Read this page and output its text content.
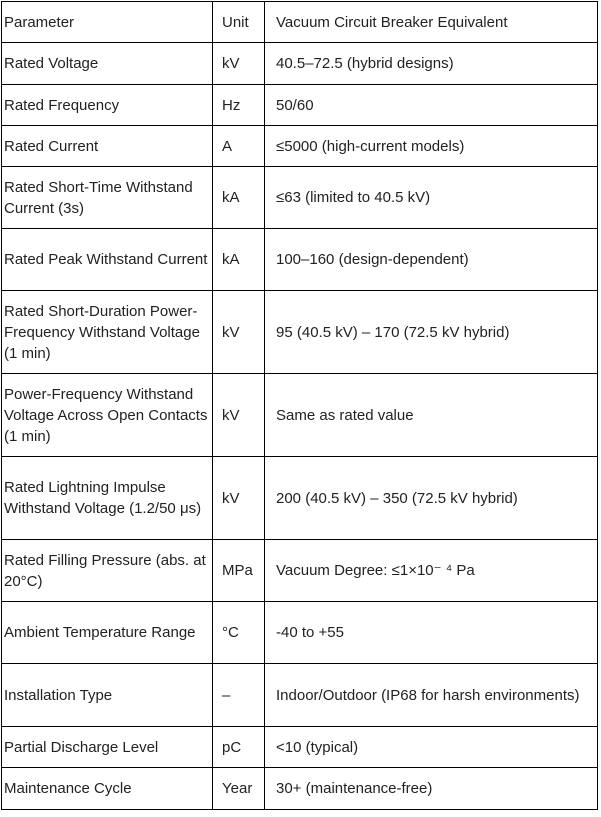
Parameter	Unit	Vacuum Circuit Breaker Equivalent
Rated Voltage	kV	40.5–72.5 (hybrid designs)
Rated Frequency	Hz	50/60
Rated Current	A	≤5000 (high-current models)
Rated Short-Time Withstand Current (3s)	kA	≤63 (limited to 40.5 kV)
Rated Peak Withstand Current	kA	100–160 (design-dependent)
Rated Short-Duration Power-Frequency Withstand Voltage (1 min)	kV	95 (40.5 kV) – 170 (72.5 kV hybrid)
Power-Frequency Withstand Voltage Across Open Contacts (1 min)	kV	Same as rated value
Rated Lightning Impulse Withstand Voltage (1.2/50 μs)	kV	200 (40.5 kV) – 350 (72.5 kV hybrid)
Rated Filling Pressure (abs. at 20°C)	MPa	Vacuum Degree: ≤1×10⁻ ⁴ Pa
Ambient Temperature Range	°C	-40 to +55
Installation Type	–	Indoor/Outdoor (IP68 for harsh environments)
Partial Discharge Level	pC	<10 (typical)
Maintenance Cycle	Year	30+ (maintenance-free)
